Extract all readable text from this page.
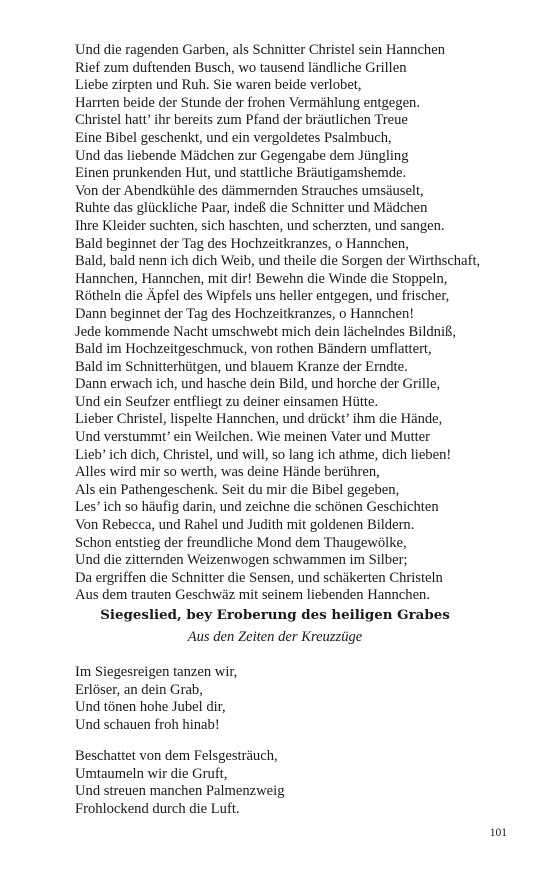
Und die ragenden Garben, als Schnitter Christel sein Hannchen
Rief zum duftenden Busch, wo tausend ländliche Grillen
Liebe zirpten und Ruh. Sie waren beide verlobet,
Harrten beide der Stunde der frohen Vermählung entgegen.
Christel hatt’ ihr bereits zum Pfand der bräutlichen Treue
Eine Bibel geschenkt, und ein vergoldetes Psalmbuch,
Und das liebende Mädchen zur Gegengabe dem Jüngling
Einen prunkenden Hut, und stattliche Bräutigamshemde.
Von der Abendkühle des dämmernden Strauches umsäuselt,
Ruhte das glückliche Paar, indeß die Schnitter und Mädchen
Ihre Kleider suchten, sich haschten, und scherzten, und sangen.
Bald beginnet der Tag des Hochzeitkranzes, o Hannchen,
Bald, bald nenn ich dich Weib, und theile die Sorgen der Wirthschaft,
Hannchen, Hannchen, mit dir! Bewehn die Winde die Stoppeln,
Rötheln die Äpfel des Wipfels uns heller entgegen, und frischer,
Dann beginnet der Tag des Hochzeitkranzes, o Hannchen!
Jede kommende Nacht umschwebt mich dein lächelndes Bildniß,
Bald im Hochzeitgeschmuck, von rothen Bändern umflattert,
Bald im Schnitterhütgen, und blauem Kranze der Erndte.
Dann erwach ich, und hasche dein Bild, und horche der Grille,
Und ein Seufzer entfliegt zu deiner einsamen Hütte.
Lieber Christel, lispelte Hannchen, und drückt’ ihm die Hände,
Und verstummt’ ein Weilchen. Wie meinen Vater und Mutter
Lieb’ ich dich, Christel, und will, so lang ich athme, dich lieben!
Alles wird mir so werth, was deine Hände berühren,
Als ein Pathengeschenk. Seit du mir die Bibel gegeben,
Les’ ich so häufig darin, und zeichne die schönen Geschichten
Von Rebecca, und Rahel und Judith mit goldenen Bildern.
Schon entstieg der freundliche Mond dem Thaugewölke,
Und die zitternden Weizenwogen schwammen im Silber;
Da ergriffen die Schnitter die Sensen, und schäkerten Christeln
Aus dem trauten Geschwäz mit seinem liebenden Hannchen.
Siegeslied, bey Eroberung des heiligen Grabes
Aus den Zeiten der Kreuzzüge
Im Siegesreigen tanzen wir,
Erlöser, an dein Grab,
Und tönen hohe Jubel dir,
Und schauen froh hinab!
Beschattet von dem Felsgesträuch,
Umtaumeln wir die Gruft,
Und streuen manchen Palmenzweig
Frohlockend durch die Luft.
101
